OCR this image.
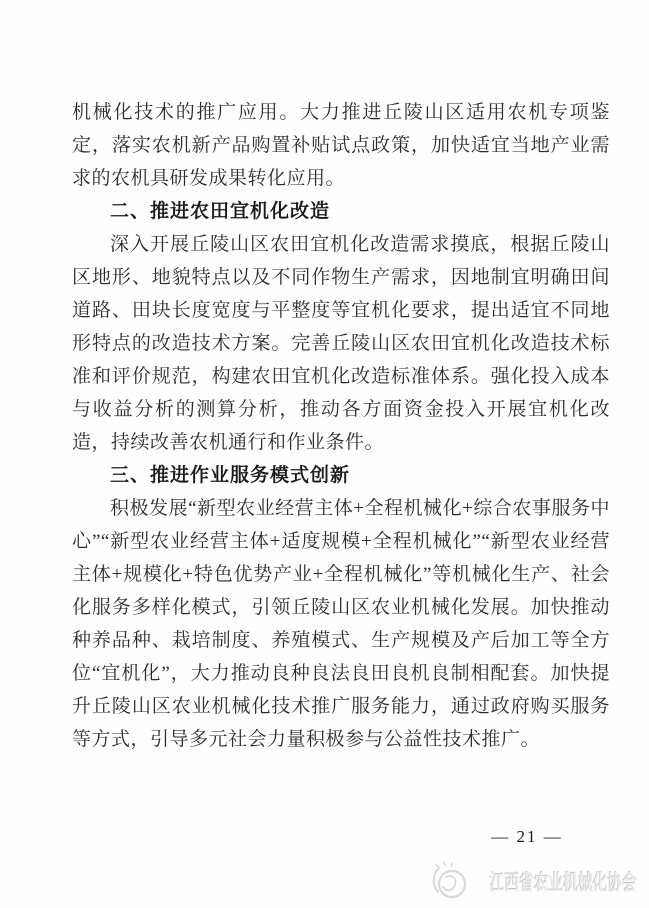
机械化技术的推广应用。大力推进丘陵山区适用农机专项鉴定，落实农机新产品购置补贴试点政策，加快适宜当地产业需求的农机具研发成果转化应用。

二、推进农田宜机化改造

深入开展丘陵山区农田宜机化改造需求摸底，根据丘陵山区地形、地貌特点以及不同作物生产需求，因地制宜明确田间道路、田块长度宽度与平整度等宜机化要求，提出适宜不同地形特点的改造技术方案。完善丘陵山区农田宜机化改造技术标准和评价规范，构建农田宜机化改造标准体系。强化投入成本与收益分析的测算分析，推动各方面资金投入开展宜机化改造，持续改善农机通行和作业条件。

三、推进作业服务模式创新

积极发展“新型农业经营主体+全程机械化+综合农事服务中心”“新型农业经营主体+适度规模+全程机械化”“新型农业经营主体+规模化+特色优势产业+全程机械化”等机械化生产、社会化服务多样化模式，引领丘陵山区农业机械化发展。加快推动种养品种、栽培制度、养殖模式、生产规模及产后加工等全方位“宜机化”，大力推动良种良法良田良机良制相配套。加快提升丘陵山区农业机械化技术推广服务能力，通过政府购买服务等方式，引导多元社会力量积极参与公益性技术推广。

— 21 —
江西省农业机械化协会
